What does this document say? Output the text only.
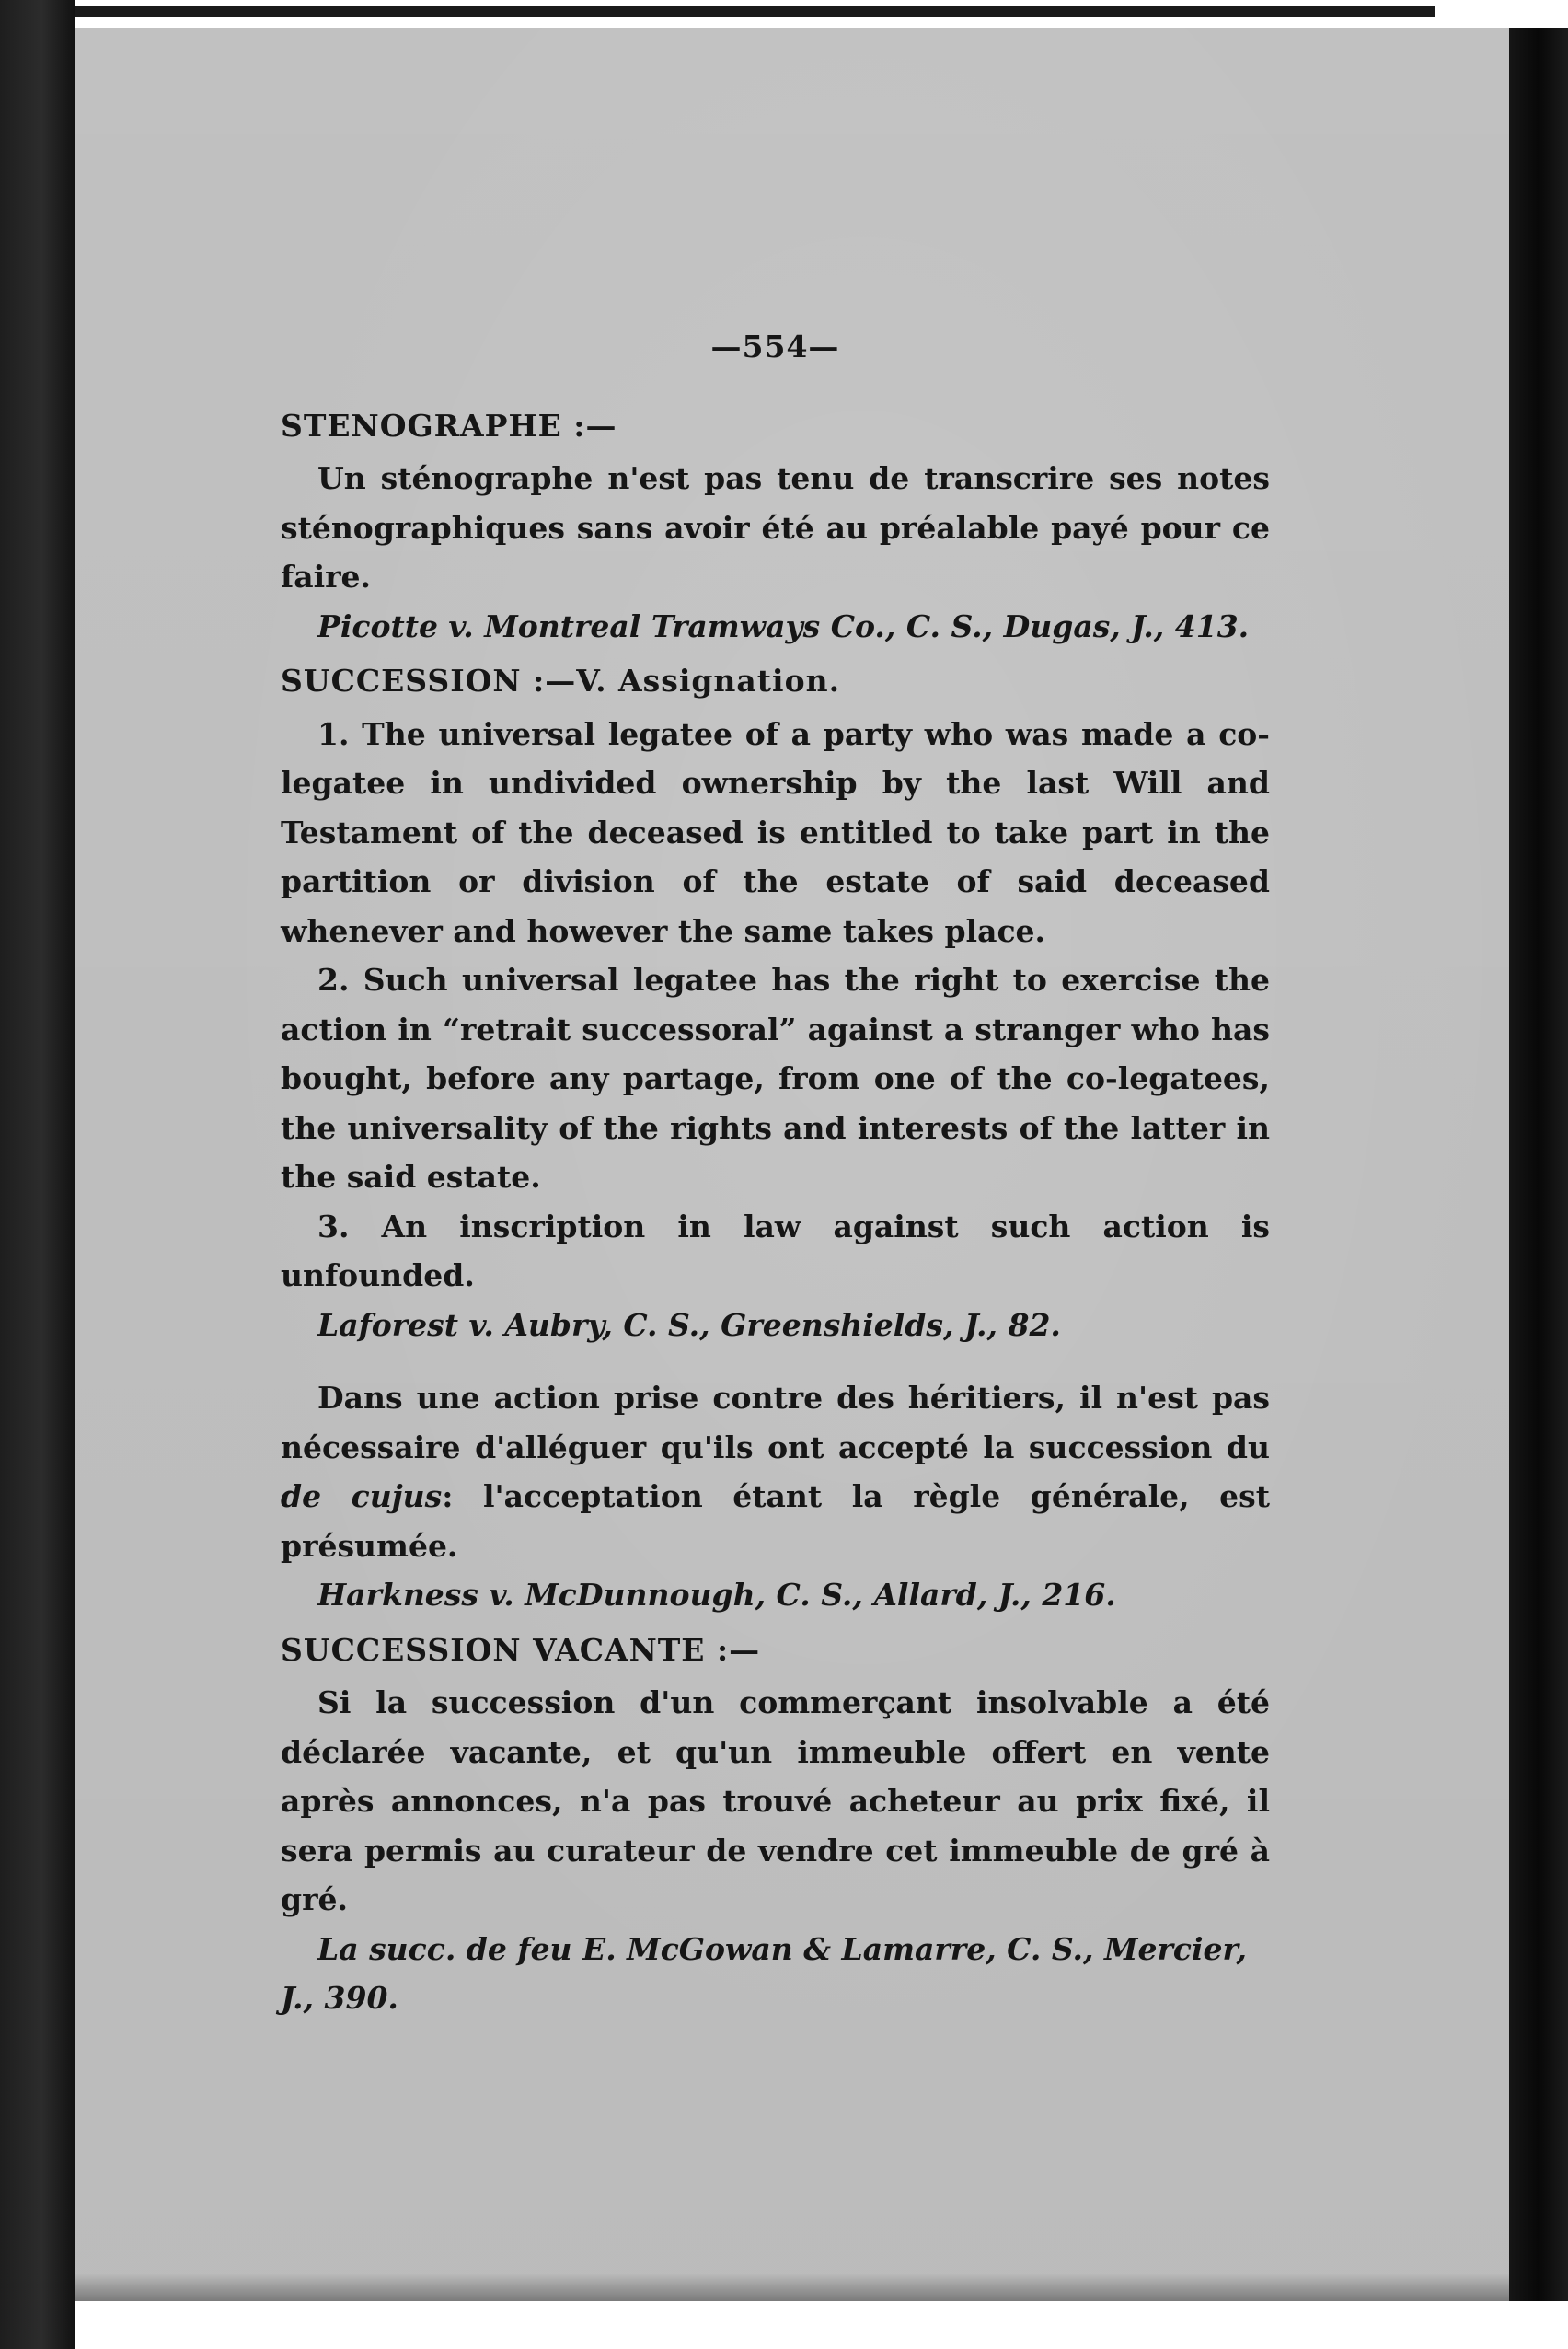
—554—
STENOGRAPHE :—

Un sténographe n'est pas tenu de transcrire ses notes sténographiques sans avoir été au préalable payé pour ce faire.

Picotte v. Montreal Tramways Co., C. S., Dugas, J., 413.

SUCCESSION :—V. Assignation.

1. The universal legatee of a party who was made a co-legatee in undivided ownership by the last Will and Testament of the deceased is entitled to take part in the partition or division of the estate of said deceased whenever and however the same takes place.

2. Such universal legatee has the right to exercise the action in “retrait successoral” against a stranger who has bought, before any partage, from one of the co-legatees, the universality of the rights and interests of the latter in the said estate.

3. An inscription in law against such action is unfounded.

Laforest v. Aubry, C. S., Greenshields, J., 82.

Dans une action prise contre des héritiers, il n'est pas nécessaire d'alléguer qu'ils ont accepté la succession du de cujus: l'acceptation étant la règle générale, est présumée.

Harkness v. McDunnough, C. S., Allard, J., 216.

SUCCESSION VACANTE :—

Si la succession d'un commerçant insolvable a été déclarée vacante, et qu'un immeuble offert en vente après annonces, n'a pas trouvé acheteur au prix fixé, il sera permis au curateur de vendre cet immeuble de gré à gré.

La succ. de feu E. McGowan & Lamarre, C. S., Mercier, J., 390.
